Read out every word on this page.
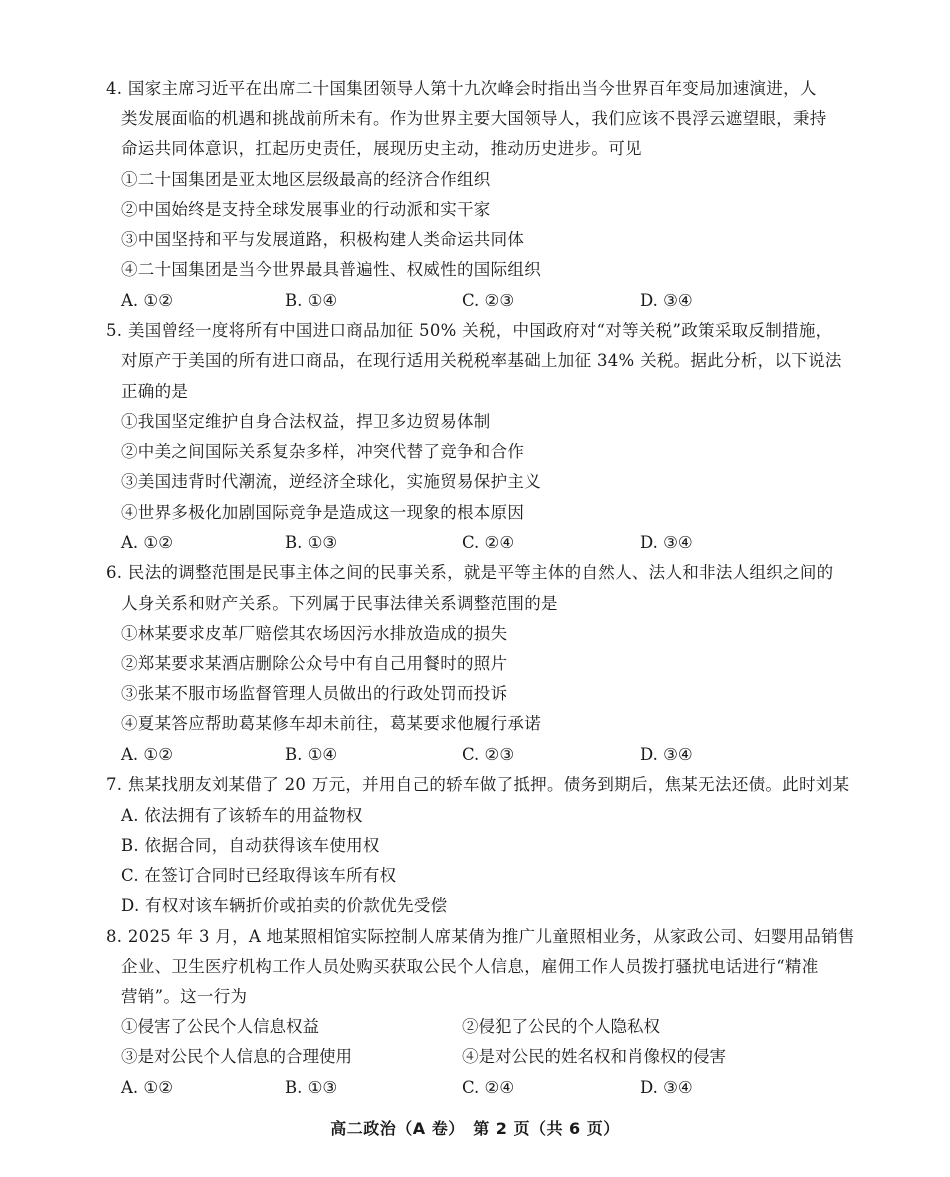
4. 国家主席习近平在出席二十国集团领导人第十九次峰会时指出当今世界百年变局加速演进，人
类发展面临的机遇和挑战前所未有。作为世界主要大国领导人，我们应该不畏浮云遮望眼，秉持
命运共同体意识，扛起历史责任，展现历史主动，推动历史进步。可见
①二十国集团是亚太地区层级最高的经济合作组织
②中国始终是支持全球发展事业的行动派和实干家
③中国坚持和平与发展道路，积极构建人类命运共同体
④二十国集团是当今世界最具普遍性、权威性的国际组织
A. ①②	B. ①④	C. ②③	D. ③④
5. 美国曾经一度将所有中国进口商品加征 50% 关税，中国政府对“对等关税”政策采取反制措施，
对原产于美国的所有进口商品，在现行适用关税税率基础上加征 34% 关税。据此分析，以下说法
正确的是
①我国坚定维护自身合法权益，捍卫多边贸易体制
②中美之间国际关系复杂多样，冲突代替了竞争和合作
③美国违背时代潮流，逆经济全球化，实施贸易保护主义
④世界多极化加剧国际竞争是造成这一现象的根本原因
A. ①②	B. ①③	C. ②④	D. ③④
6. 民法的调整范围是民事主体之间的民事关系，就是平等主体的自然人、法人和非法人组织之间的
人身关系和财产关系。下列属于民事法律关系调整范围的是
①林某要求皮革厂赔偿其农场因污水排放造成的损失
②郑某要求某酒店删除公众号中有自己用餐时的照片
③张某不服市场监督管理人员做出的行政处罚而投诉
④夏某答应帮助葛某修车却未前往，葛某要求他履行承诺
A. ①②	B. ①④	C. ②③	D. ③④
7. 焦某找朋友刘某借了 20 万元，并用自己的轿车做了抵押。债务到期后，焦某无法还债。此时刘某
A. 依法拥有了该轿车的用益物权
B. 依据合同，自动获得该车使用权
C. 在签订合同时已经取得该车所有权
D. 有权对该车辆折价或拍卖的价款优先受偿
8. 2025 年 3 月，A 地某照相馆实际控制人席某倩为推广儿童照相业务，从家政公司、妇婴用品销售
企业、卫生医疗机构工作人员处购买获取公民个人信息，雇佣工作人员拨打骚扰电话进行“精准
营销”。这一行为
①侵害了公民个人信息权益	②侵犯了公民的个人隐私权
③是对公民个人信息的合理使用	④是对公民的姓名权和肖像权的侵害
A. ①②	B. ①③	C. ②④	D. ③④
高二政治（A 卷）　第 2 页（共 6 页）
